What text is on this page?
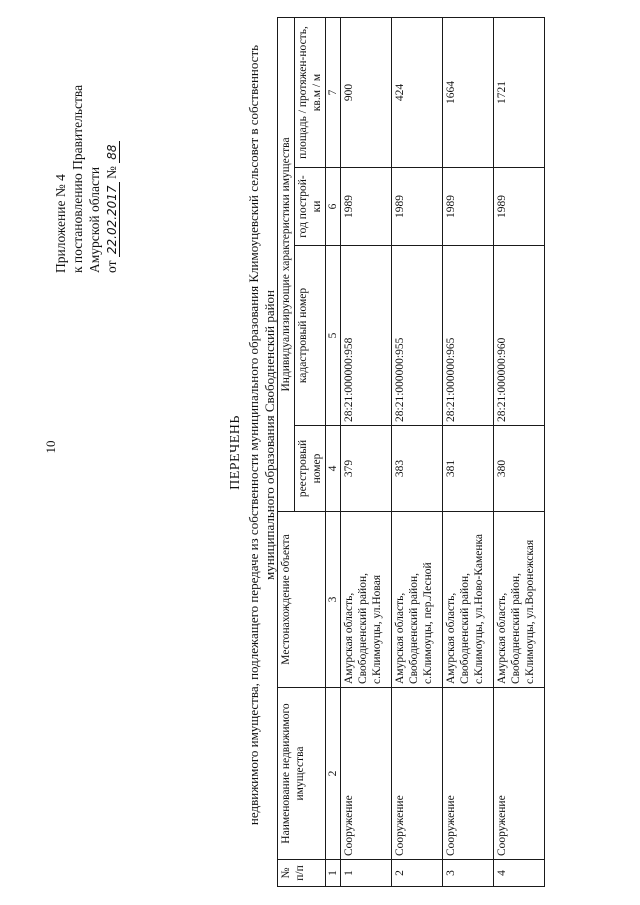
10
Приложение № 4 к постановлению Правительства Амурской области от 22.02.2017 № 88
ПЕРЕЧЕНЬ недвижимого имущества, подлежащего передаче из собственности муниципального образования Климоуцевский сельсовет в собственность муниципального образования Свободненский район
№ п/п	Наименование недвижимого имущества	Местонахождение объекта	Индивидуализирующие характеристики имущества			
			реестровый номер	кадастровый номер	год построй-ки	площадь / протяжен-ность, кв.м / м
1	2	3	4	5	6	7
1	Сооружение	Амурская область, Свободненский район, с.Климоуцы, ул.Новая	379	28:21:000000:958	1989	900
2	Сооружение	Амурская область, Свободненский район, с.Климоуцы, пер.Лесной	383	28:21:000000:955	1989	424
3	Сооружение	Амурская область, Свободненский район, с.Климоуцы, ул.Ново-Каменка	381	28:21:000000:965	1989	1664
4	Сооружение	Амурская область, Свободненский район, с.Климоуцы, ул.Воронежская	380	28:21:000000:960	1989	1721
